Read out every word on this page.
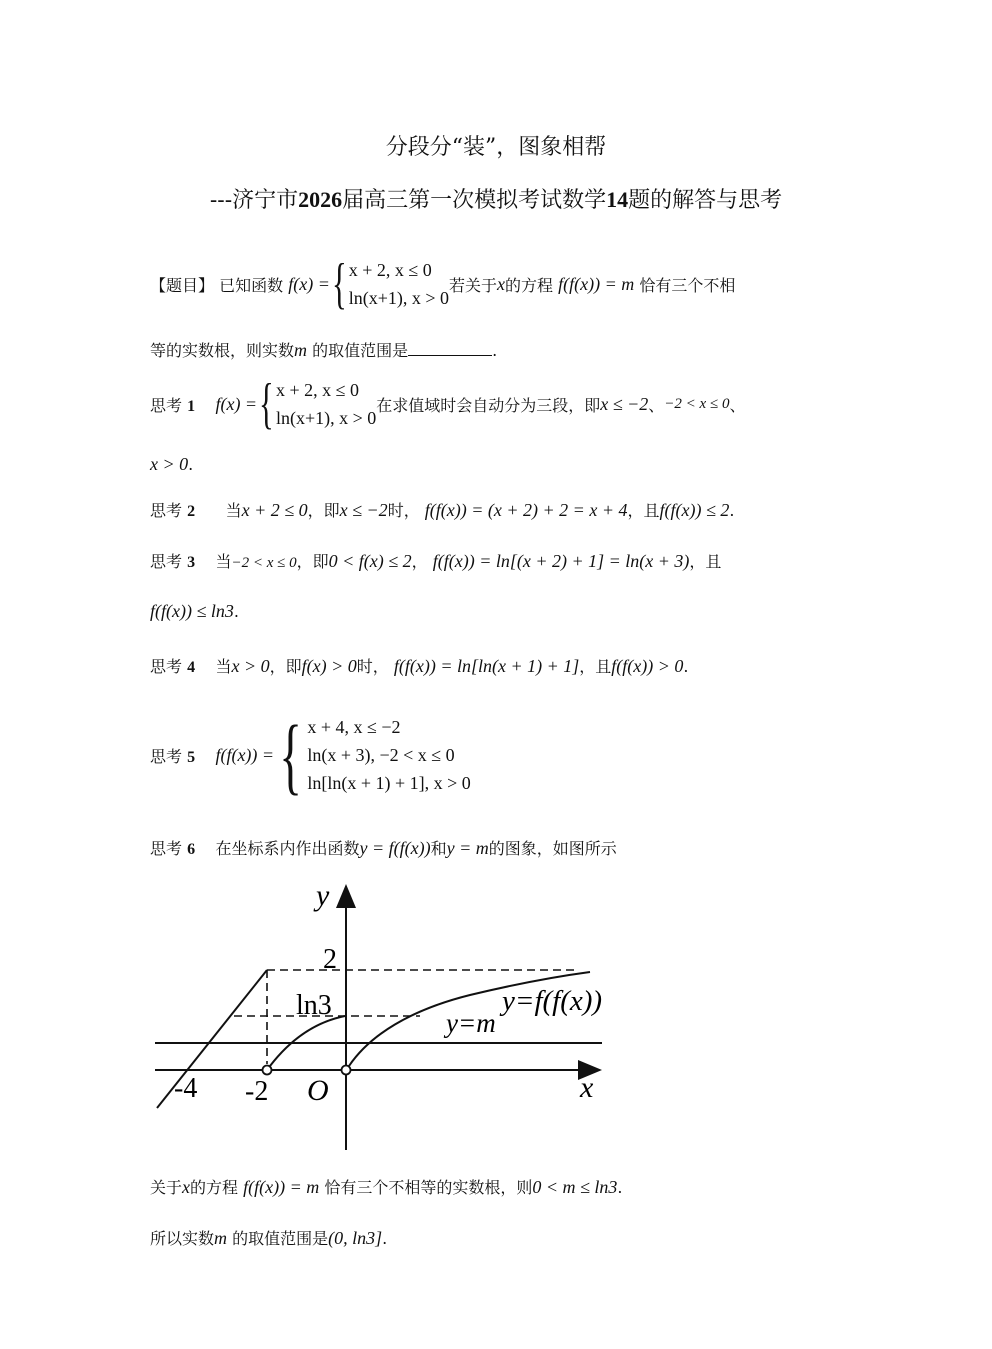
分段分“装”，图象相帮
---济宁市2026届高三第一次模拟考试数学14题的解答与思考
【题目】
已知函数
f(x) = { x + 2, x ≤ 0
ln(x+1), x > 0
若关于 x 的方程
f(f(x)) = m
恰有三个不相
等的实数根，则实数m 的取值范围是	.
思考 1
f(x) = { x + 2, x ≤ 0
ln(x+1), x > 0
在求值域时会自动分为三段，即 x ≤ −2 、 −2 < x ≤ 0 、
x > 0.
思考 2 当x + 2 ≤ 0，即x ≤ −2时， f(f(x)) = (x + 2) + 2 = x + 4，且f(f(x)) ≤ 2.
思考 3 当−2 < x ≤ 0，即0 < f(x) ≤ 2， f(f(x)) = ln[(x + 2) + 1] = ln(x + 3)，且
f(f(x)) ≤ ln3.
思考 4 当x > 0，即f(x) > 0时， f(f(x)) = ln[ln(x + 1) + 1]，且f(f(x)) > 0.
思考 5
f(f(x)) = { x + 4, x ≤ −2
ln(x + 3), −2 < x ≤ 0
ln[ln(x + 1) + 1], x > 0
思考 6 在坐标系内作出函数y = f(f(x))和y = m的图象，如图所示
y
x
O
2
ln3
-2
-4
y=f(f(x))
y=m
关于x的方程 f(f(x)) = m 恰有三个不相等的实数根，则0 < m ≤ ln3.
所以实数m 的取值范围是(0, ln3].
